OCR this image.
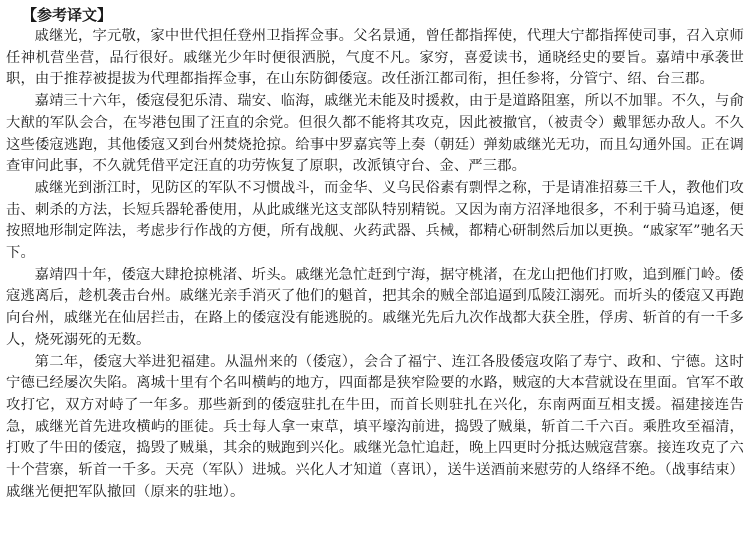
【参考译文】

戚继光，字元敬，家中世代担任登州卫指挥佥事。父名景通，曾任都指挥使，代理大宁都指挥使司事，召入京师任神机营坐营，品行很好。戚继光少年时便很洒脱，气度不凡。家穷，喜爱读书，通晓经史的要旨。嘉靖中承袭世职，由于推荐被提拔为代理都指挥佥事，在山东防御倭寇。改任浙江都司衔，担任参将，分管宁、绍、台三郡。

嘉靖三十六年，倭寇侵犯乐清、瑞安、临海，戚继光未能及时援救，由于是道路阻塞，所以不加罪。不久，与俞大猷的军队会合，在岑港包围了汪直的余党。但很久都不能将其攻克，因此被撤官，（被责令）戴罪惩办敌人。不久这些倭寇逃跑，其他倭寇又到台州焚烧抢掠。给事中罗嘉宾等上奏（朝廷）弹劾戚继光无功，而且勾通外国。正在调查审问此事，不久就凭借平定汪直的功劳恢复了原职，改派镇守台、金、严三郡。

戚继光到浙江时，见防区的军队不习惯战斗，而金华、义乌民俗素有剽悍之称，于是请准招募三千人，教他们攻击、刺杀的方法，长短兵器轮番使用，从此戚继光这支部队特别精锐。又因为南方沼泽地很多，不利于骑马追逐，便按照地形制定阵法，考虑步行作战的方便，所有战舰、火药武器、兵械，都精心研制然后加以更换。“戚家军”驰名天下。

嘉靖四十年，倭寇大肆抢掠桃渚、圻头。戚继光急忙赶到宁海，据守桃渚，在龙山把他们打败，追到雁门岭。倭寇逃离后，趁机袭击台州。戚继光亲手消灭了他们的魁首，把其余的贼全部追逼到瓜陵江溺死。而圻头的倭寇又再跑向台州，戚继光在仙居拦击，在路上的倭寇没有能逃脱的。戚继光先后九次作战都大获全胜，俘虏、斩首的有一千多人，烧死溺死的无数。

第二年，倭寇大举进犯福建。从温州来的（倭寇），会合了福宁、连江各股倭寇攻陷了寿宁、政和、宁德。这时宁德已经屡次失陷。离城十里有个名叫横屿的地方，四面都是狭窄险要的水路，贼寇的大本营就设在里面。官军不敢攻打它，双方对峙了一年多。那些新到的倭寇驻扎在牛田，而首长则驻扎在兴化，东南两面互相支援。福建接连告急，戚继光首先进攻横屿的匪徒。兵士每人拿一束草，填平壕沟前进，捣毁了贼巢，斩首二千六百。乘胜攻至福清，打败了牛田的倭寇，捣毁了贼巢，其余的贼跑到兴化。戚继光急忙追赶，晚上四更时分抵达贼寇营寨。接连攻克了六十个营寨，斩首一千多。天亮（军队）进城。兴化人才知道（喜讯），送牛送酒前来慰劳的人络绎不绝。（战事结束）戚继光便把军队撤回（原来的驻地）。
